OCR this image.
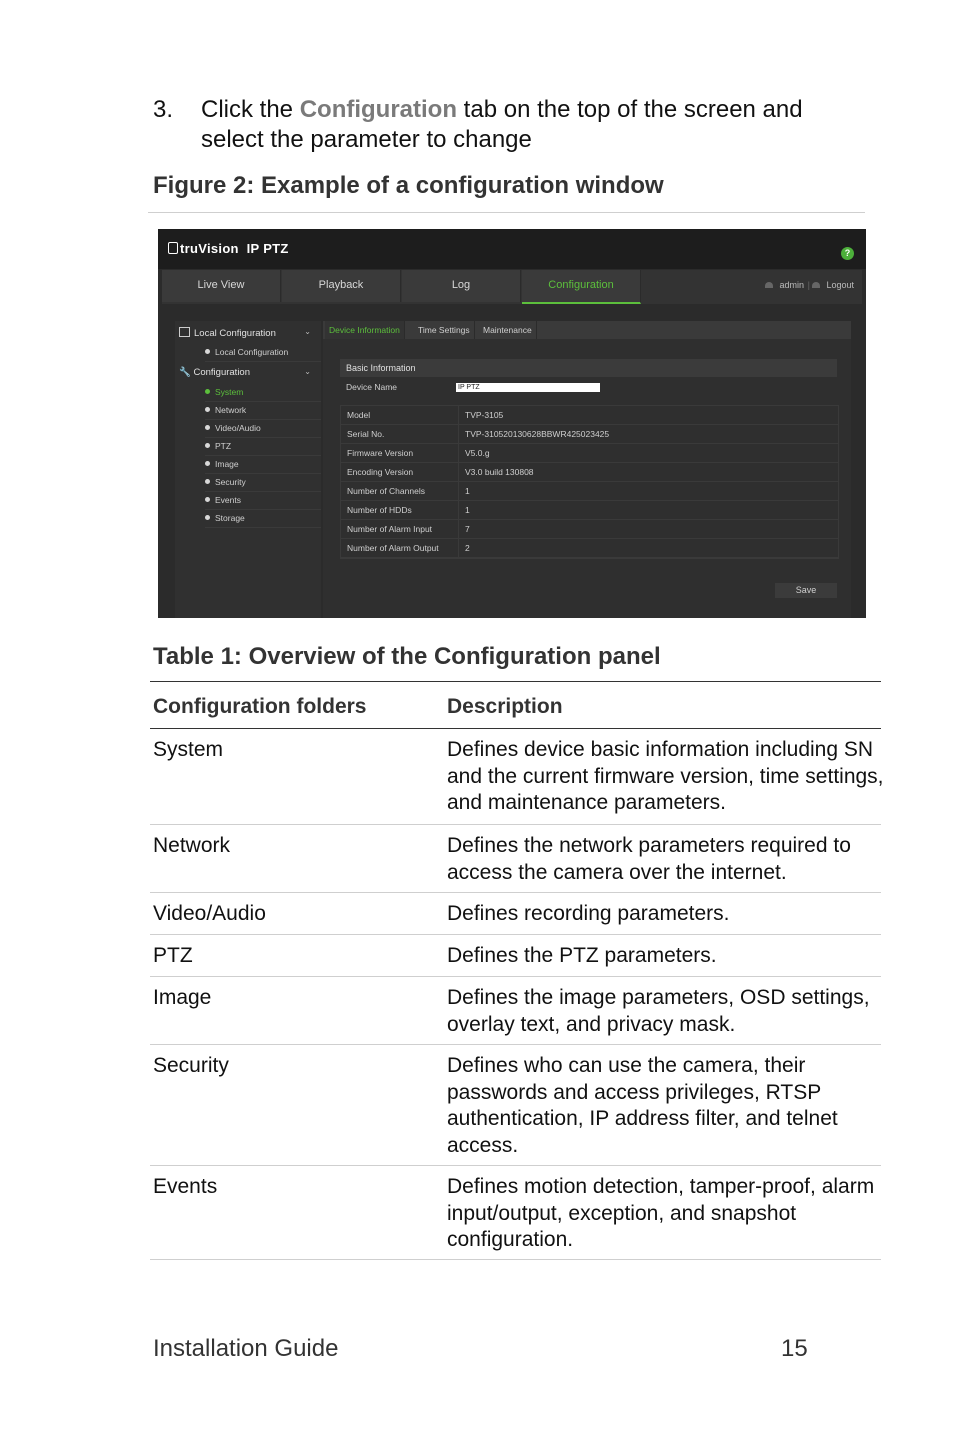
3. Click the Configuration tab on the top of the screen and select the parameter to change
Figure 2: Example of a configuration window
truVision IP PTZ	?
Live View	Playback	Log	Configuration	admin |	Logout
Local Configuration	⌄
Local Configuration
🔧 Configuration	⌄
System
Network
Video/Audio
PTZ
Image
Security
Events
Storage
Device Information	Time Settings	Maintenance
Basic Information
Device Name	IP PTZ
Model	TVP-3105
Serial No.	TVP-310520130628BBWR425023425
Firmware Version	V5.0.g
Encoding Version	V3.0 build 130808
Number of Channels	1
Number of HDDs	1
Number of Alarm Input	7
Number of Alarm Output	2
Save
Table 1: Overview of the Configuration panel
Configuration folders	Description
System	Defines device basic information including SN and the current firmware version, time settings, and maintenance parameters.
Network	Defines the network parameters required to access the camera over the internet.
Video/Audio	Defines recording parameters.
PTZ	Defines the PTZ parameters.
Image	Defines the image parameters, OSD settings, overlay text, and privacy mask.
Security	Defines who can use the camera, their passwords and access privileges, RTSP authentication, IP address filter, and telnet access.
Events	Defines motion detection, tamper-proof, alarm input/output, exception, and snapshot configuration.
Installation Guide	15
